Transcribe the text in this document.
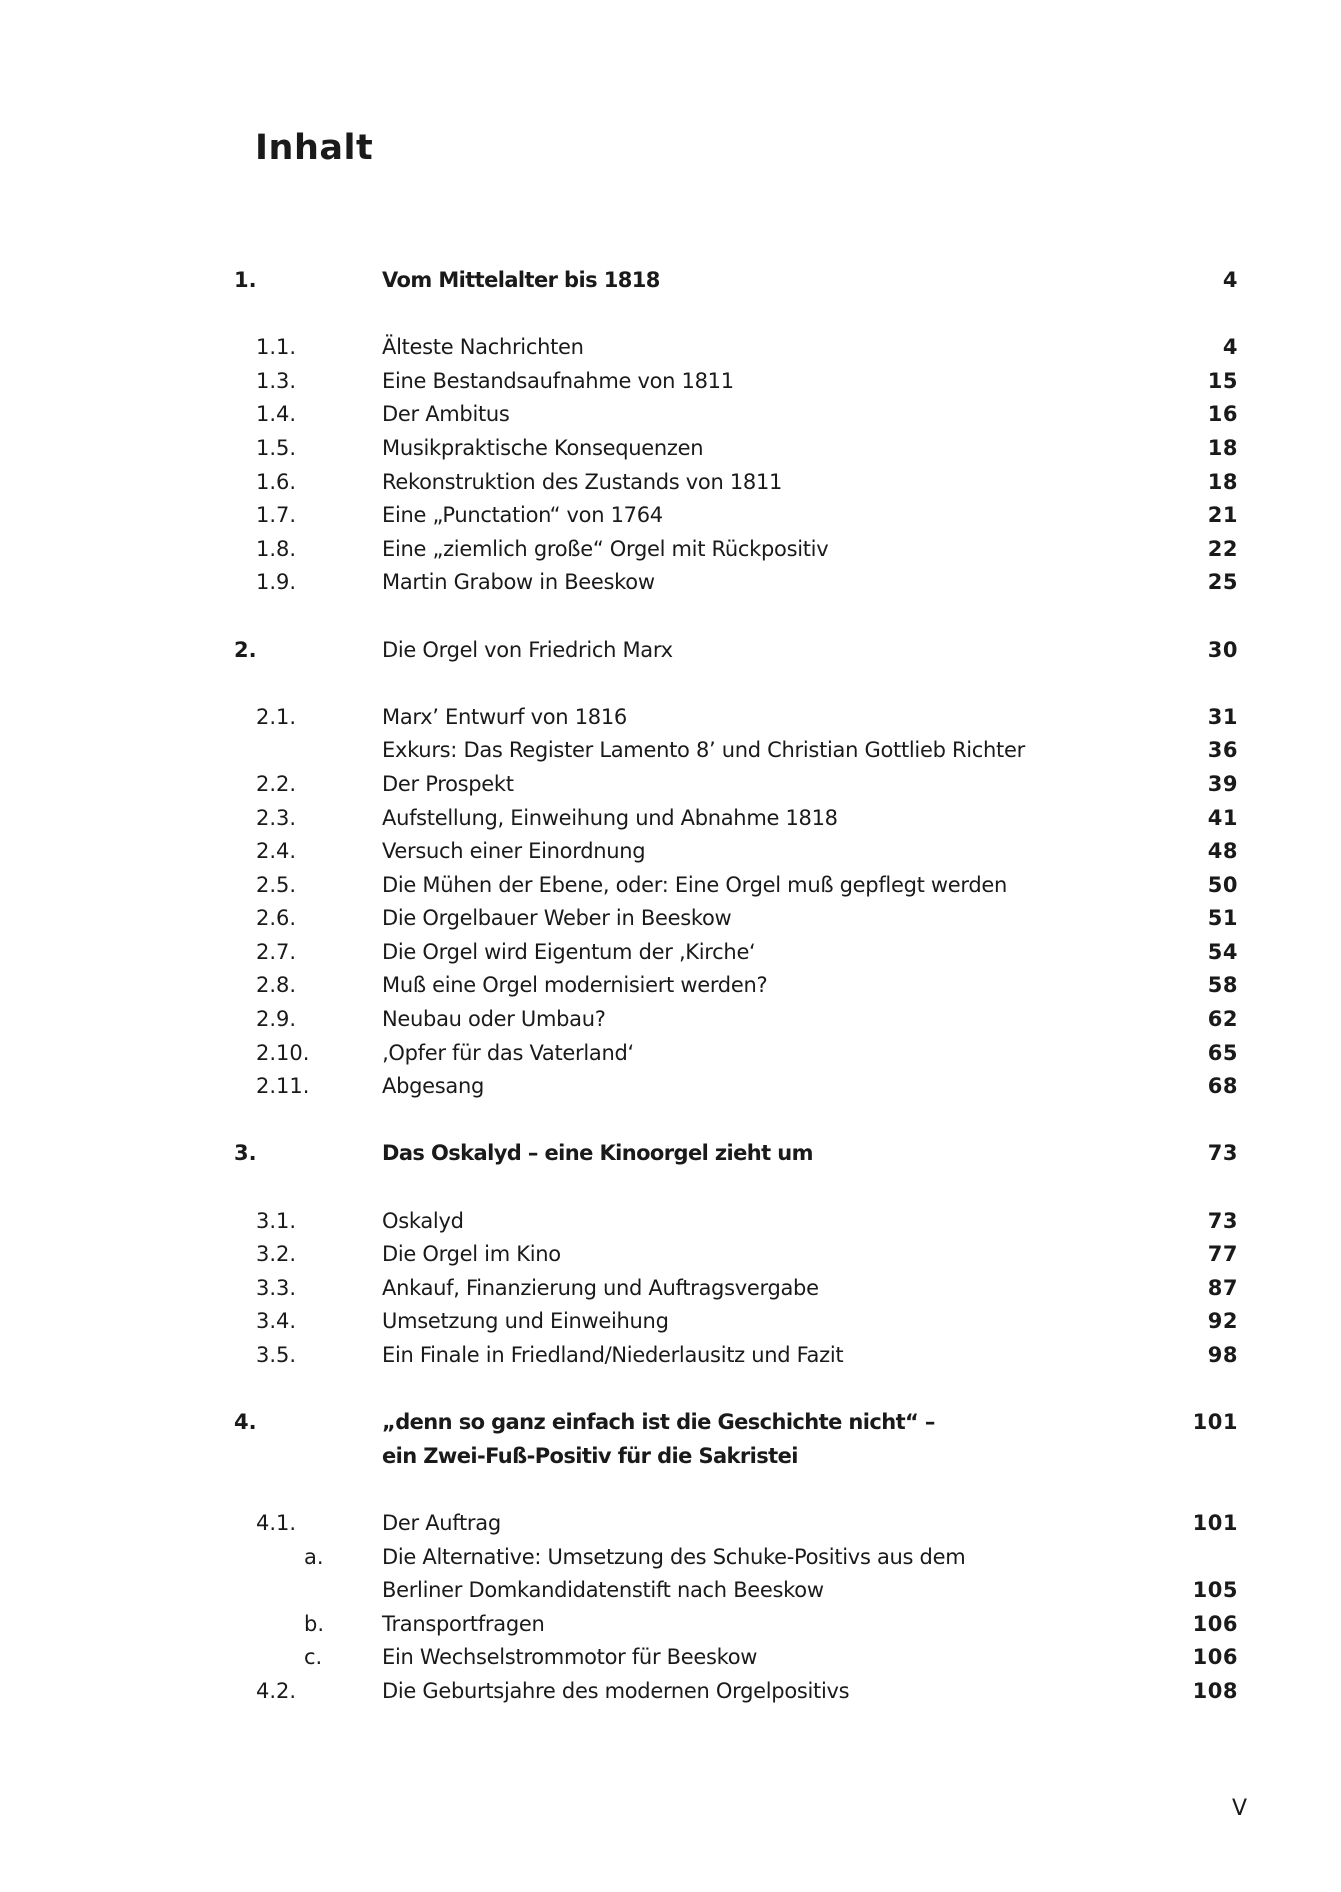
Inhalt
1.	Vom Mittelalter bis 1818	4
1.1.	Älteste Nachrichten	4
1.3.	Eine Bestandsaufnahme von 1811	15
1.4.	Der Ambitus	16
1.5.	Musikpraktische Konsequenzen	18
1.6.	Rekonstruktion des Zustands von 1811	18
1.7.	Eine „Punctation“ von 1764	21
1.8.	Eine „ziemlich große“ Orgel mit Rückpositiv	22
1.9.	Martin Grabow in Beeskow	25
2.	Die Orgel von Friedrich Marx	30
2.1.	Marx’ Entwurf von 1816	31
Exkurs: Das Register Lamento 8’ und Christian Gottlieb Richter	36
2.2.	Der Prospekt	39
2.3.	Aufstellung, Einweihung und Abnahme 1818	41
2.4.	Versuch einer Einordnung	48
2.5.	Die Mühen der Ebene, oder: Eine Orgel muß gepflegt werden	50
2.6.	Die Orgelbauer Weber in Beeskow	51
2.7.	Die Orgel wird Eigentum der ‚Kirche‘	54
2.8.	Muß eine Orgel modernisiert werden?	58
2.9.	Neubau oder Umbau?	62
2.10.	‚Opfer für das Vaterland‘	65
2.11.	Abgesang	68
3.	Das Oskalyd – eine Kinoorgel zieht um	73
3.1.	Oskalyd	73
3.2.	Die Orgel im Kino	77
3.3.	Ankauf, Finanzierung und Auftragsvergabe	87
3.4.	Umsetzung und Einweihung	92
3.5.	Ein Finale in Friedland/Niederlausitz und Fazit	98
4.	„denn so ganz einfach ist die Geschichte nicht“ –	101
ein Zwei-Fuß-Positiv für die Sakristei
4.1.	Der Auftrag	101
a.	Die Alternative: Umsetzung des Schuke-Positivs aus dem
Berliner Domkandidatenstift nach Beeskow	105
b.	Transportfragen	106
c.	Ein Wechselstrommotor für Beeskow	106
4.2.	Die Geburtsjahre des modernen Orgelpositivs	108
V
